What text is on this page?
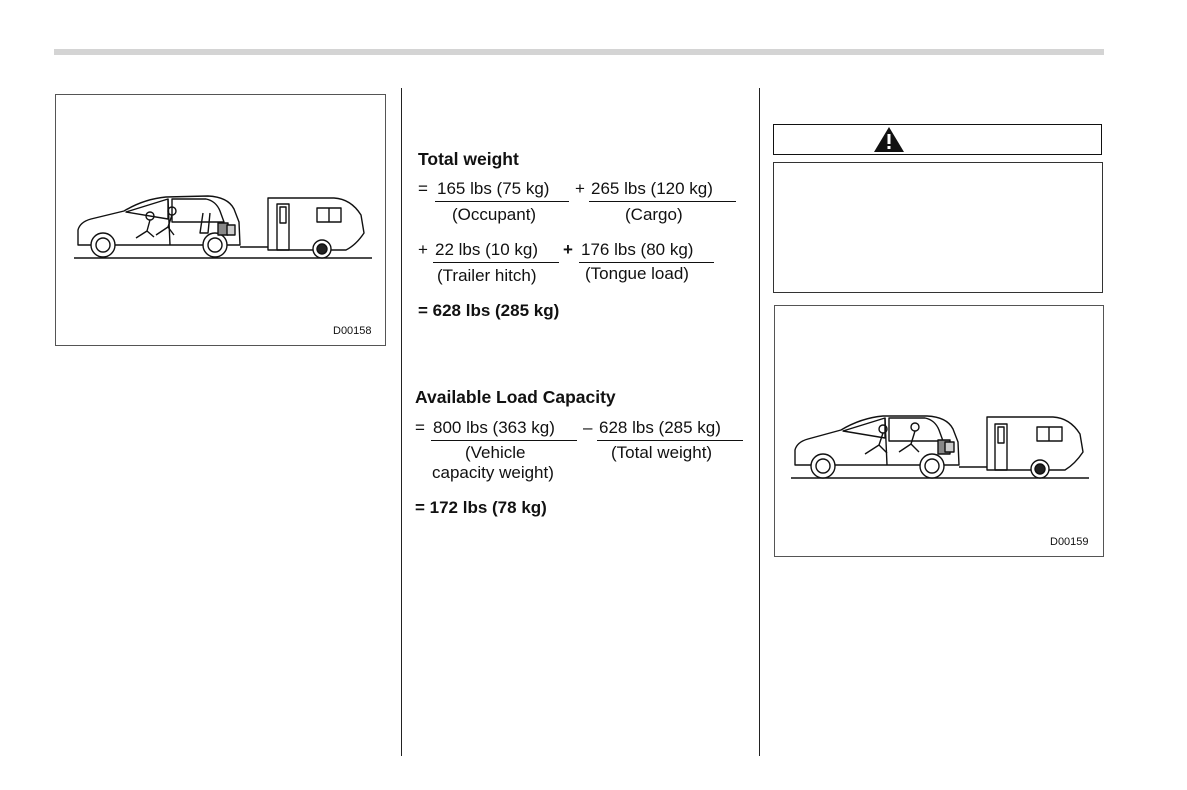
D00158
Total weight
= 165 lbs (75 kg) + 265 lbs (120 kg)
(Occupant)	(Cargo)
+ 22 lbs (10 kg) + 176 lbs (80 kg)
(Trailer hitch)	(Tongue load)
= 628 lbs (285 kg)
Available Load Capacity
= 800 lbs (363 kg) – 628 lbs (285 kg)
(Vehicle
capacity weight)
(Total weight)
= 172 lbs (78 kg)
D00159
